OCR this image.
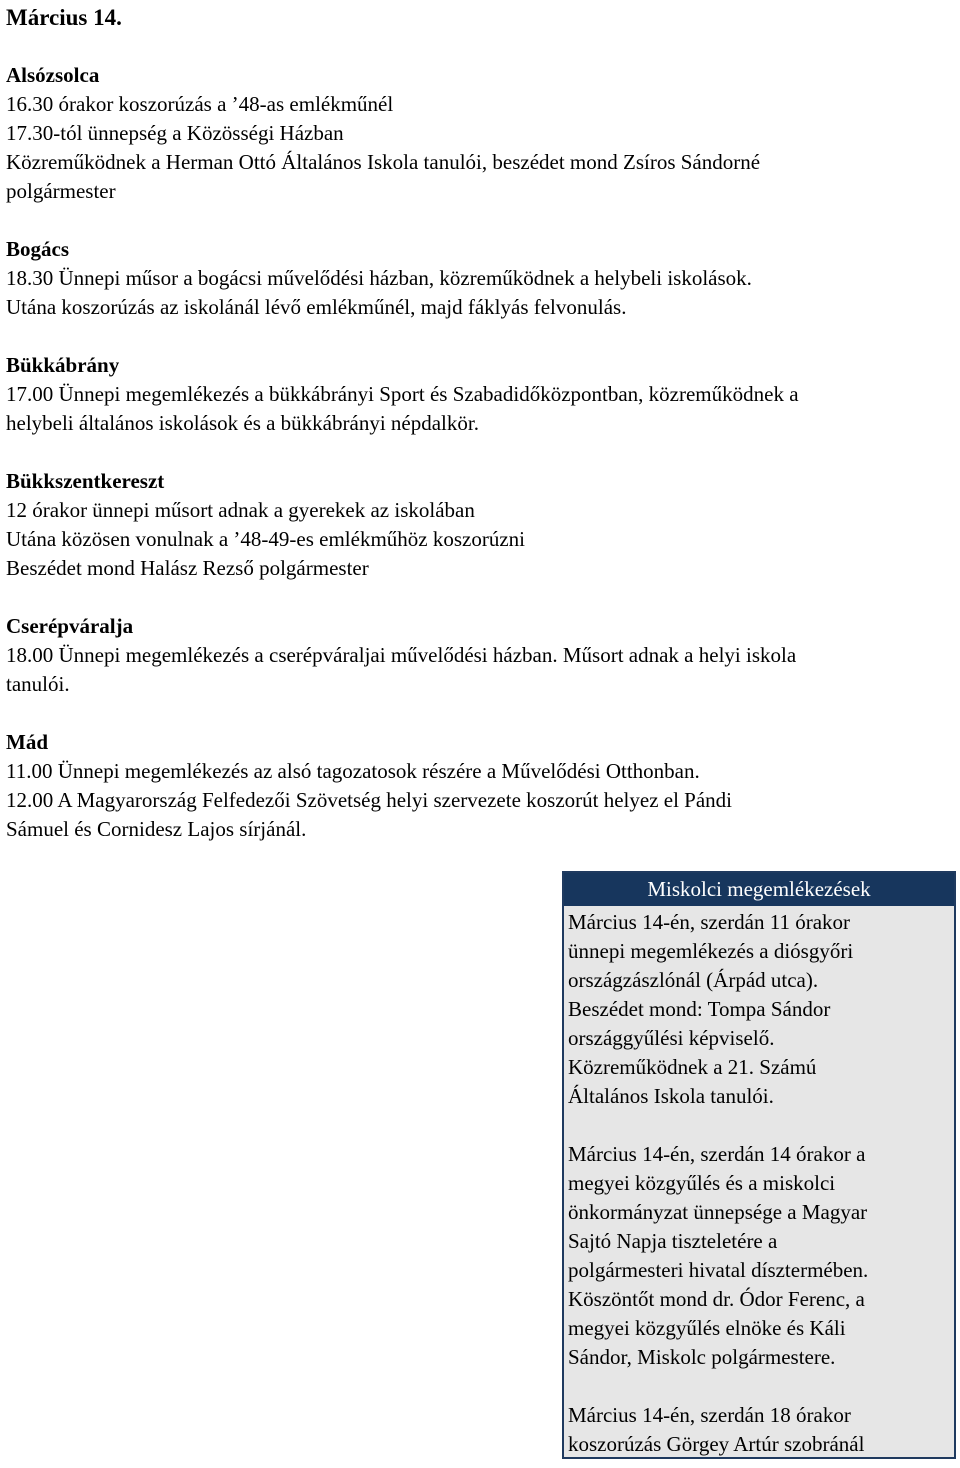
Március 14.
Alsózsolca
16.30 órakor koszorúzás a ’48-as emlékműnél
17.30-tól ünnepség a Közösségi Házban
Közreműködnek a Herman Ottó Általános Iskola tanulói, beszédet mond Zsíros Sándorné
polgármester
Bogács
18.30 Ünnepi műsor a bogácsi művelődési házban, közreműködnek a helybeli iskolások.
Utána koszorúzás az iskolánál lévő emlékműnél, majd fáklyás felvonulás.
Bükkábrány
17.00 Ünnepi megemlékezés a bükkábrányi Sport és Szabadidőközpontban, közreműködnek a
helybeli általános iskolások és a bükkábrányi népdalkör.
Bükkszentkereszt
12 órakor ünnepi műsort adnak a gyerekek az iskolában
Utána közösen vonulnak a ’48-49-es emlékműhöz koszorúzni
Beszédet mond Halász Rezső polgármester
Cserépváralja
18.00 Ünnepi megemlékezés a cserépváraljai művelődési házban. Műsort adnak a helyi iskola
tanulói.
Mád
11.00 Ünnepi megemlékezés az alsó tagozatosok részére a Művelődési Otthonban.
12.00 A Magyarország Felfedezői Szövetség helyi szervezete koszorút helyez el Pándi
Sámuel és Cornidesz Lajos sírjánál.
Miskolci megemlékezések
Március 14-én, szerdán 11 órakor
ünnepi megemlékezés a diósgyőri
országzászlónál (Árpád utca).
Beszédet mond: Tompa Sándor
országgyűlési képviselő.
Közreműködnek a 21. Számú
Általános Iskola tanulói.
Március 14-én, szerdán 14 órakor a
megyei közgyűlés és a miskolci
önkormányzat ünnepsége a Magyar
Sajtó Napja tiszteletére a
polgármesteri hivatal dísztermében.
Köszöntőt mond dr. Ódor Ferenc, a
megyei közgyűlés elnöke és Káli
Sándor, Miskolc polgármestere.
Március 14-én, szerdán 18 órakor
koszorúzás Görgey Artúr szobránál
